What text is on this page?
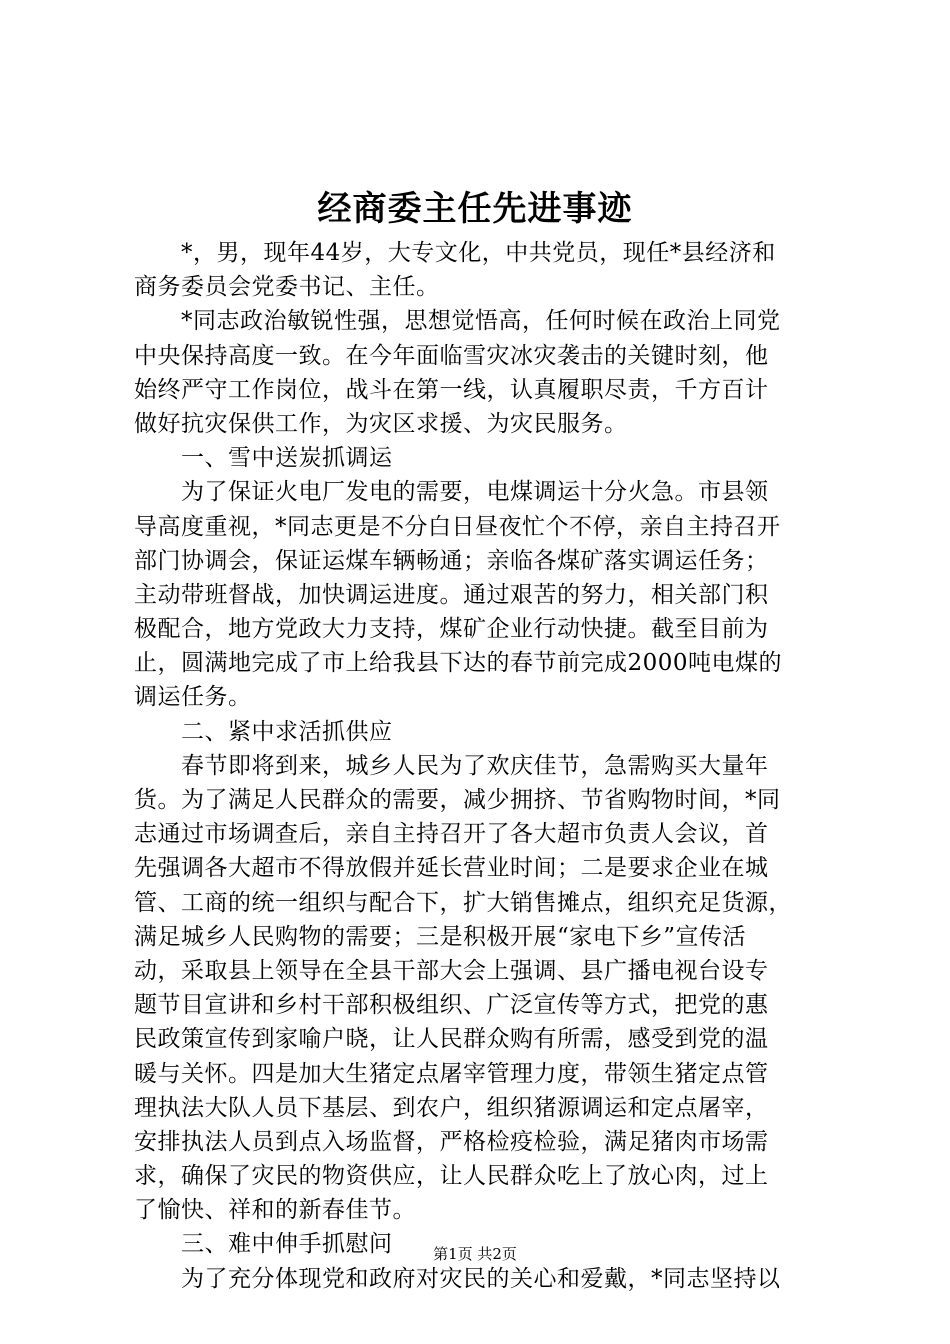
经商委主任先进事迹
　　*，男，现年44岁，大专文化，中共党员，现任*县经济和
商务委员会党委书记、主任。
　　*同志政治敏锐性强，思想觉悟高，任何时候在政治上同党
中央保持高度一致。在今年面临雪灾冰灾袭击的关键时刻，他
始终严守工作岗位，战斗在第一线，认真履职尽责，千方百计
做好抗灾保供工作，为灾区求援、为灾民服务。
　　一、雪中送炭抓调运
　　为了保证火电厂发电的需要，电煤调运十分火急。市县领
导高度重视，*同志更是不分白日昼夜忙个不停，亲自主持召开
部门协调会，保证运煤车辆畅通；亲临各煤矿落实调运任务；
主动带班督战，加快调运进度。通过艰苦的努力，相关部门积
极配合，地方党政大力支持，煤矿企业行动快捷。截至目前为
止，圆满地完成了市上给我县下达的春节前完成2000吨电煤的
调运任务。
　　二、紧中求活抓供应
　　春节即将到来，城乡人民为了欢庆佳节，急需购买大量年
货。为了满足人民群众的需要，减少拥挤、节省购物时间，*同
志通过市场调查后，亲自主持召开了各大超市负责人会议，首
先强调各大超市不得放假并延长营业时间；二是要求企业在城
管、工商的统一组织与配合下，扩大销售摊点，组织充足货源，
满足城乡人民购物的需要；三是积极开展“家电下乡”宣传活
动，采取县上领导在全县干部大会上强调、县广播电视台设专
题节目宣讲和乡村干部积极组织、广泛宣传等方式，把党的惠
民政策宣传到家喻户晓，让人民群众购有所需，感受到党的温
暖与关怀。四是加大生猪定点屠宰管理力度，带领生猪定点管
理执法大队人员下基层、到农户，组织猪源调运和定点屠宰，
安排执法人员到点入场监督，严格检疫检验，满足猪肉市场需
求，确保了灾民的物资供应，让人民群众吃上了放心肉，过上
了愉快、祥和的新春佳节。
　　三、难中伸手抓慰问
　　为了充分体现党和政府对灾民的关心和爱戴，*同志坚持以
第1页 共2页
